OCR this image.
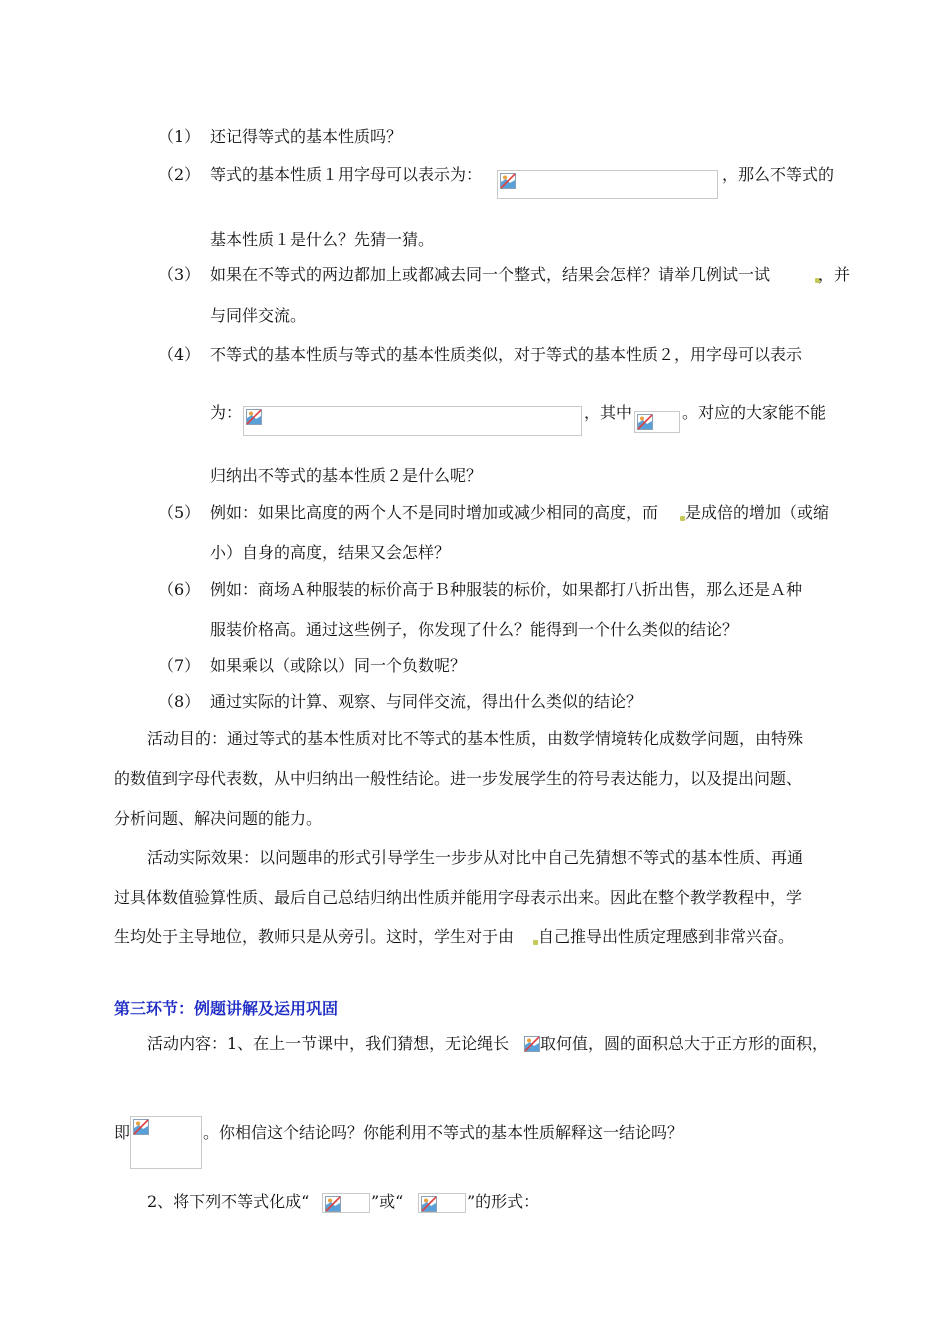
（1） 还记得等式的基本性质吗？
（2） 等式的基本性质１用字母可以表示为：	，那么不等式的
基本性质１是什么？先猜一猜。
（3） 如果在不等式的两边都加上或都减去同一个整式，结果会怎样？请举几例试一试	，并
与同伴交流。
（4） 不等式的基本性质与等式的基本性质类似，对于等式的基本性质２，用字母可以表示
为：	，其中	。对应的大家能不能
归纳出不等式的基本性质２是什么呢？
（5） 例如：如果比高度的两个人不是同时增加或减少相同的高度，而 是成倍的增加（或缩
小）自身的高度，结果又会怎样？
（6） 例如：商场Ａ种服装的标价高于Ｂ种服装的标价，如果都打八折出售，那么还是Ａ种
服装价格高。通过这些例子，你发现了什么？能得到一个什么类似的结论？
（7） 如果乘以（或除以）同一个负数呢？
（8） 通过实际的计算、观察、与同伴交流，得出什么类似的结论？
活动目的：通过等式的基本性质对比不等式的基本性质，由数学情境转化成数学问题，由特殊
的数值到字母代表数，从中归纳出一般性结论。进一步发展学生的符号表达能力，以及提出问题、
分析问题、解决问题的能力。
活动实际效果：以问题串的形式引导学生一步步从对比中自己先猜想不等式的基本性质、再通
过具体数值验算性质、最后自己总结归纳出性质并能用字母表示出来。因此在整个教学教程中，学
生均处于主导地位，教师只是从旁引。这时，学生对于由 自己推导出性质定理感到非常兴奋。
第三环节：例题讲解及运用巩固
活动内容：1、在上一节课中，我们猜想，无论绳长 取何值，圆的面积总大于正方形的面积，
即	。你相信这个结论吗？你能利用不等式的基本性质解释这一结论吗？
2、将下列不等式化成“	”或“	”的形式：
